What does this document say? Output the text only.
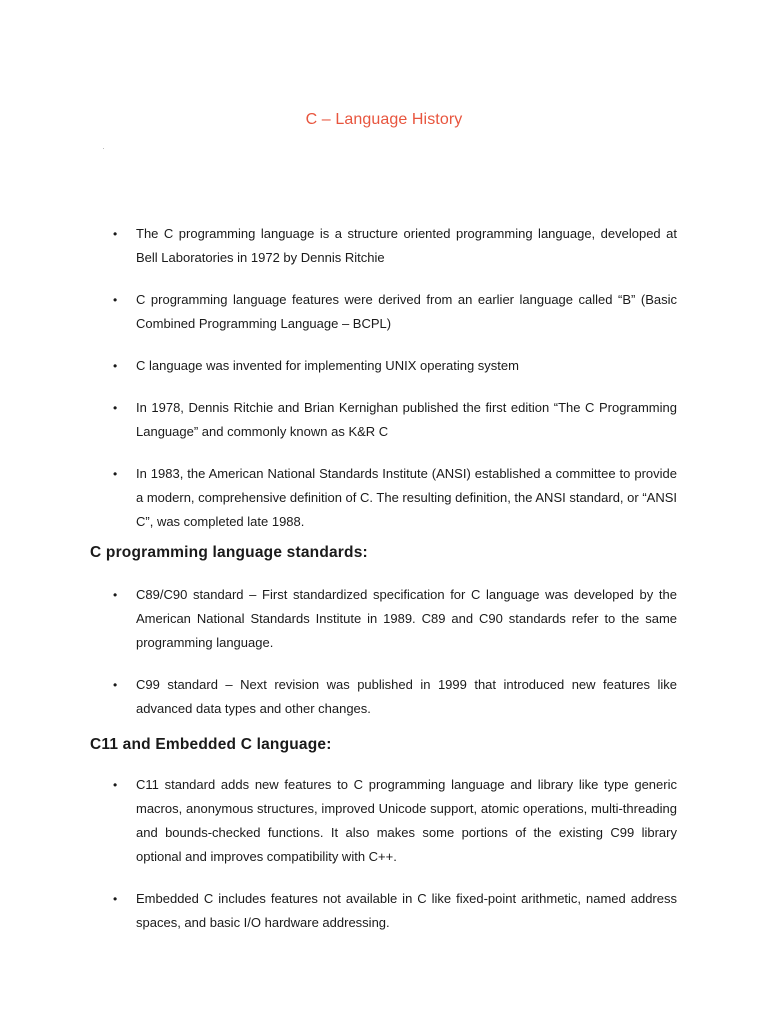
C – Language History
• The C programming language is a structure oriented programming language, developed at Bell Laboratories in 1972 by Dennis Ritchie
• C programming language features were derived from an earlier language called “B” (Basic Combined Programming Language – BCPL)
• C language was invented for implementing UNIX operating system
• In 1978, Dennis Ritchie and Brian Kernighan published the first edition “The C Programming Language” and commonly known as K&R C
• In 1983, the American National Standards Institute (ANSI) established a committee to provide a modern, comprehensive definition of C. The resulting definition, the ANSI standard, or “ANSI C”, was completed late 1988.
C programming language standards:
• C89/C90 standard – First standardized specification for C language was developed by the American National Standards Institute in 1989. C89 and C90 standards refer to the same programming language.
• C99 standard – Next revision was published in 1999 that introduced new features like advanced data types and other changes.
C11 and Embedded C language:
• C11 standard adds new features to C programming language and library like type generic macros, anonymous structures, improved Unicode support, atomic operations, multi-threading and bounds-checked functions. It also makes some portions of the existing C99 library optional and improves compatibility with C++.
• Embedded C includes features not available in C like fixed-point arithmetic, named address spaces, and basic I/O hardware addressing.
